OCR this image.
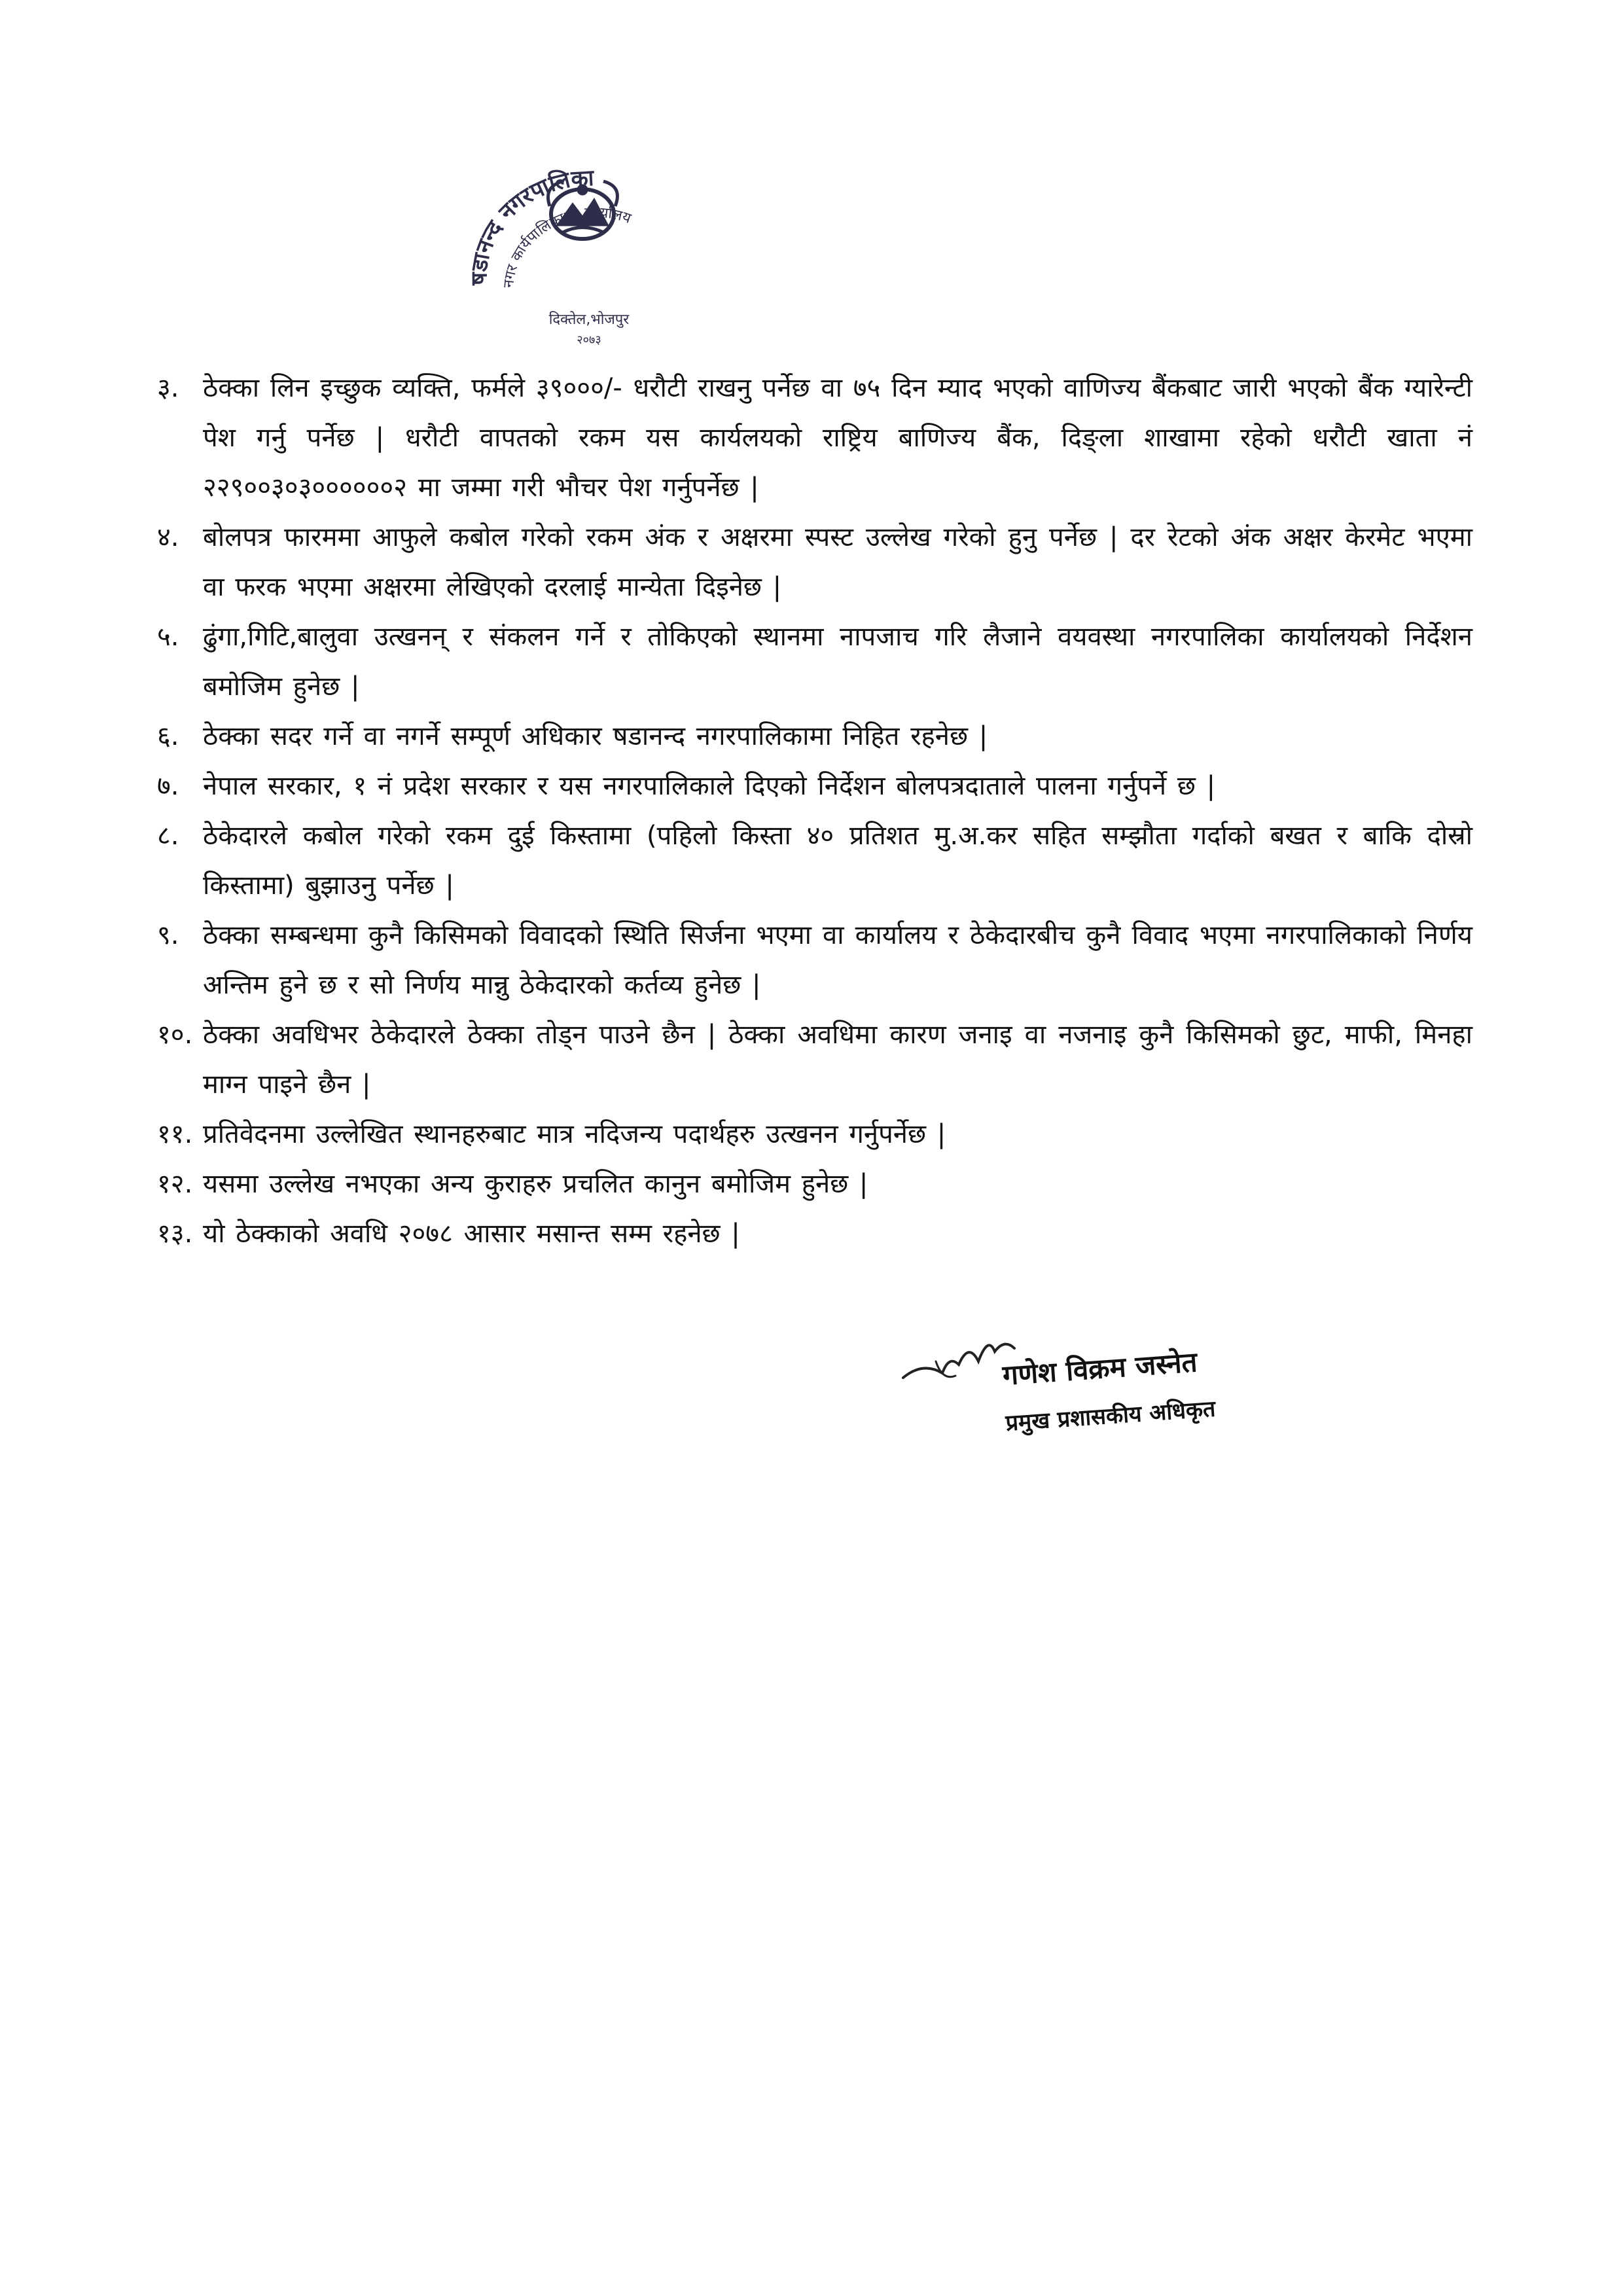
षडानन्द नगरपालिका
नगर कार्यपालिकाको कार्यालय
दिक्तेल,भोजपुर
२०७३
३. ठेक्का लिन इच्छुक व्यक्ति, फर्मले ३९०००/- धरौटी राखनु पर्नेछ वा ७५ दिन म्याद भएको वाणिज्य बैंकबाट जारी भएको बैंक ग्यारेन्टी पेश गर्नु पर्नेछ | धरौटी वापतको रकम यस कार्यलयको राष्ट्रिय बाणिज्य बैंक, दिङ्ला शाखामा रहेको धरौटी खाता नं २२९००३०३००००००२ मा जम्मा गरी भौचर पेश गर्नुपर्नेछ |
४. बोलपत्र फारममा आफुले कबोल गरेको रकम अंक र अक्षरमा स्पस्ट उल्लेख गरेको हुनु पर्नेछ | दर रेटको अंक अक्षर केरमेट भएमा वा फरक भएमा अक्षरमा लेखिएको दरलाई मान्येता दिइनेछ |
५. ढुंगा,गिटि,बालुवा उत्खनन् र संकलन गर्ने र तोकिएको स्थानमा नापजाच गरि लैजाने वयवस्था नगरपालिका कार्यालयको निर्देशन बमोजिम हुनेछ |
६. ठेक्का सदर गर्ने वा नगर्ने सम्पूर्ण अधिकार षडानन्द नगरपालिकामा निहित रहनेछ |
७. नेपाल सरकार, १ नं प्रदेश सरकार र यस नगरपालिकाले दिएको निर्देशन बोलपत्रदाताले पालना गर्नुपर्ने छ |
८. ठेकेदारले कबोल गरेको रकम दुई किस्तामा (पहिलो किस्ता ४० प्रतिशत मु.अ.कर सहित सम्झौता गर्दाको बखत र बाकि दोस्रो किस्तामा) बुझाउनु पर्नेछ |
९. ठेक्का सम्बन्धमा कुनै किसिमको विवादको स्थिति सिर्जना भएमा वा कार्यालय र ठेकेदारबीच कुनै विवाद भएमा नगरपालिकाको निर्णय अन्तिम हुने छ र सो निर्णय मान्नु ठेकेदारको कर्तव्य हुनेछ |
१०. ठेक्का अवधिभर ठेकेदारले ठेक्का तोड्न पाउने छैन | ठेक्का अवधिमा कारण जनाइ वा नजनाइ कुनै किसिमको छुट, माफी, मिनहा माग्न पाइने छैन |
११. प्रतिवेदनमा उल्लेखित स्थानहरुबाट मात्र नदिजन्य पदार्थहरु उत्खनन गर्नुपर्नेछ |
१२. यसमा उल्लेख नभएका अन्य कुराहरु प्रचलित कानुन बमोजिम हुनेछ |
१३. यो ठेक्काको अवधि २०७८ आसार मसान्त सम्म रहनेछ |
गणेश विक्रम जस्नेत
प्रमुख प्रशासकीय अधिकृत
